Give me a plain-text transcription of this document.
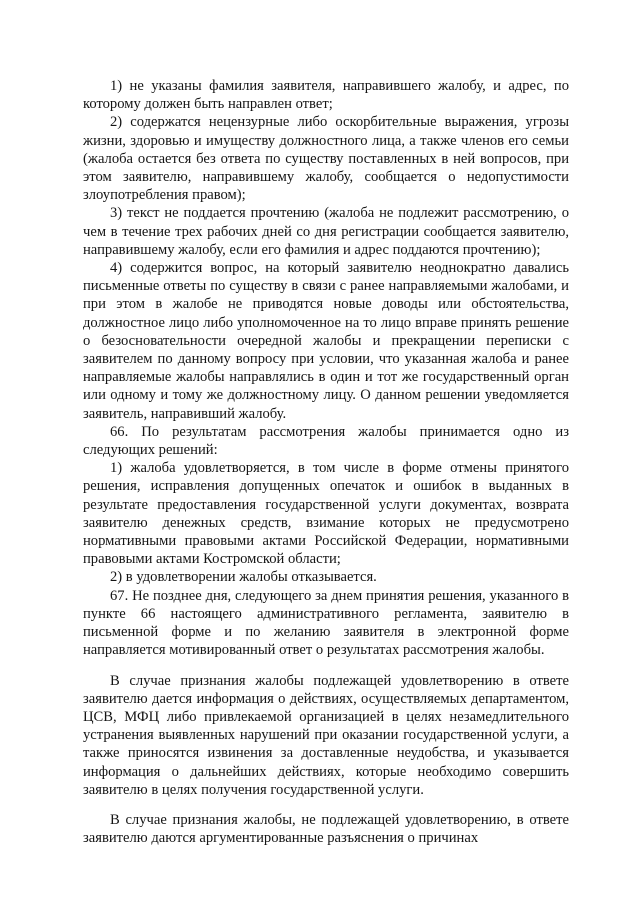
1) не указаны фамилия заявителя, направившего жалобу, и адрес, по которому должен быть направлен ответ;

2) содержатся нецензурные либо оскорбительные выражения, угрозы жизни, здоровью и имуществу должностного лица, а также членов его семьи (жалоба остается без ответа по существу поставленных в ней вопросов, при этом заявителю, направившему жалобу, сообщается о недопустимости злоупотребления правом);

3) текст не поддается прочтению (жалоба не подлежит рассмотрению, о чем в течение трех рабочих дней со дня регистрации сообщается заявителю, направившему жалобу, если его фамилия и адрес поддаются прочтению);

4) содержится вопрос, на который заявителю неоднократно давались письменные ответы по существу в связи с ранее направляемыми жалобами, и при этом в жалобе не приводятся новые доводы или обстоятельства, должностное лицо либо уполномоченное на то лицо вправе принять решение о безосновательности очередной жалобы и прекращении переписки с заявителем по данному вопросу при условии, что указанная жалоба и ранее направляемые жалобы направлялись в один и тот же государственный орган или одному и тому же должностному лицу. О данном решении уведомляется заявитель, направивший жалобу.

66. По результатам рассмотрения жалобы принимается одно из следующих решений:

1) жалоба удовлетворяется, в том числе в форме отмены принятого решения, исправления допущенных опечаток и ошибок в выданных в результате предоставления государственной услуги документах, возврата заявителю денежных средств, взимание которых не предусмотрено нормативными правовыми актами Российской Федерации, нормативными правовыми актами Костромской области;

2) в удовлетворении жалобы отказывается.

67. Не позднее дня, следующего за днем принятия решения, указанного в пункте 66 настоящего административного регламента, заявителю в письменной форме и по желанию заявителя в электронной форме направляется мотивированный ответ о результатах рассмотрения жалобы.

В случае признания жалобы подлежащей удовлетворению в ответе заявителю дается информация о действиях, осуществляемых департаментом, ЦСВ, МФЦ либо привлекаемой организацией в целях незамедлительного устранения выявленных нарушений при оказании государственной услуги, а также приносятся извинения за доставленные неудобства, и указывается информация о дальнейших действиях, которые необходимо совершить заявителю в целях получения государственной услуги.

В случае признания жалобы, не подлежащей удовлетворению, в ответе заявителю даются аргументированные разъяснения о причинах
